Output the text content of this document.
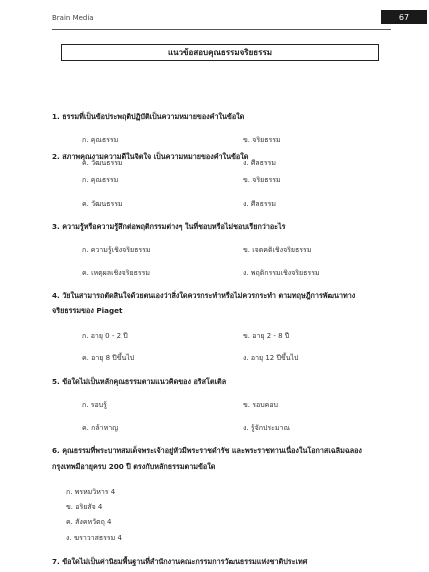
Brain Media	67
แนวข้อสอบคุณธรรมจริยธรรม
1. ธรรมที่เป็นข้อประพฤติปฏิบัติเป็นความหมายของคำในข้อใด
ก. คุณธรรม	ข. จริยธรรม
ค. วัฒนธรรม	ง. ศีลธรรม
2. สภาพคุณงามความดีในจิตใจ เป็นความหมายของคำในข้อใด
ก. คุณธรรม	ข. จริยธรรม
ค. วัฒนธรรม	ง. ศีลธรรม
3. ความรู้หรือความรู้สึกต่อพฤติกรรมต่างๆ ในที่ชอบหรือไม่ชอบเรียกว่าอะไร
ก. ความรู้เชิงจริยธรรม	ข. เจตคติเชิงจริยธรรม
ค. เหตุผลเชิงจริยธรรม	ง. พฤติกรรมเชิงจริยธรรม
4. วัยในสามารถตัดสินใจด้วยตนเองว่าสิ่งใดควรกระทำหรือไม่ควรกระทำ ตามทฤษฎีการพัฒนาทาง
จริยธรรมของ Piaget
ก. อายุ 0 - 2 ปี	ข. อายุ 2 - 8 ปี
ค. อายุ 8 ปีขึ้นไป	ง. อายุ 12 ปีขึ้นไป
5. ข้อใดไม่เป็นหลักคุณธรรมตามแนวคิดของ อริสโตเติล
ก. รอบรู้	ข. รอบคอบ
ค. กล้าหาญ	ง. รู้จักประมาณ
6. คุณธรรมที่พระบาทสมเด็จพระเจ้าอยู่หัวมีพระราชดำรัช และพระราชทานเนื่องในโอกาสเฉลิมฉลอง
กรุงเทพมีอายุครบ 200 ปี ตรงกับหลักธรรมตามข้อใด
ก. พรหมวิหาร 4
ข. อริยสัจ 4
ค. สังคหวัตถุ 4
ง. ฆราวาสธรรม 4
7. ข้อใดไม่เป็นค่านิยมพื้นฐานที่สำนักงานคณะกรรมการวัฒนธรรมแห่งชาติประเทศ
